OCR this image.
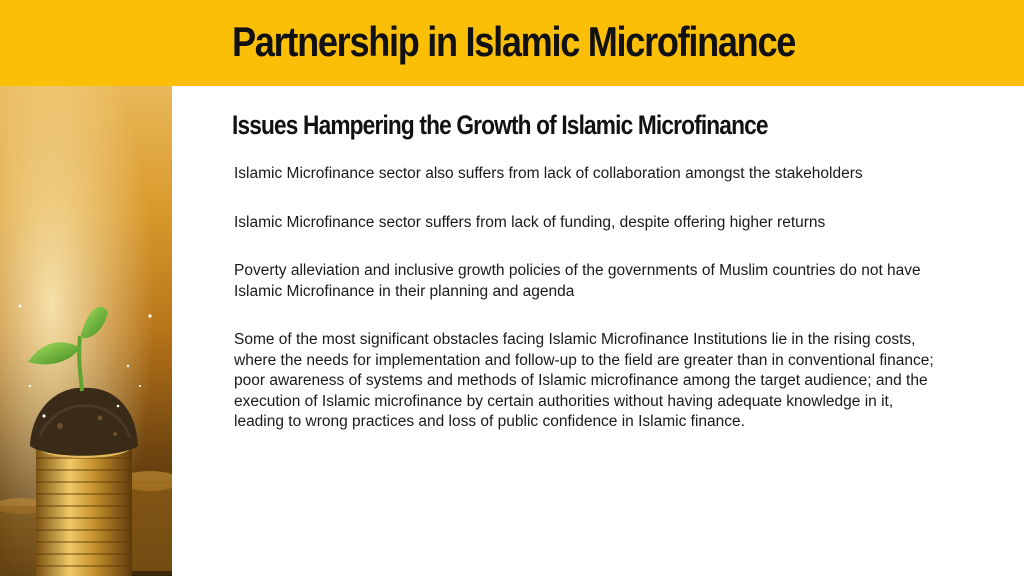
Partnership in Islamic Microfinance
Issues Hampering the Growth of Islamic Microfinance
Islamic Microfinance sector also suffers from lack of collaboration amongst the stakeholders
Islamic Microfinance sector suffers from lack of funding, despite offering higher returns
Poverty alleviation and inclusive growth policies of the governments of Muslim countries do not have Islamic Microfinance in their planning and agenda
Some of the most significant obstacles facing Islamic Microfinance Institutions lie in the rising costs, where the needs for implementation and follow-up to the field are greater than in conventional finance; poor awareness of systems and methods of Islamic microfinance among the target audience; and the execution of Islamic microfinance by certain authorities without having adequate knowledge in it, leading to wrong practices and loss of public confidence in Islamic finance.
